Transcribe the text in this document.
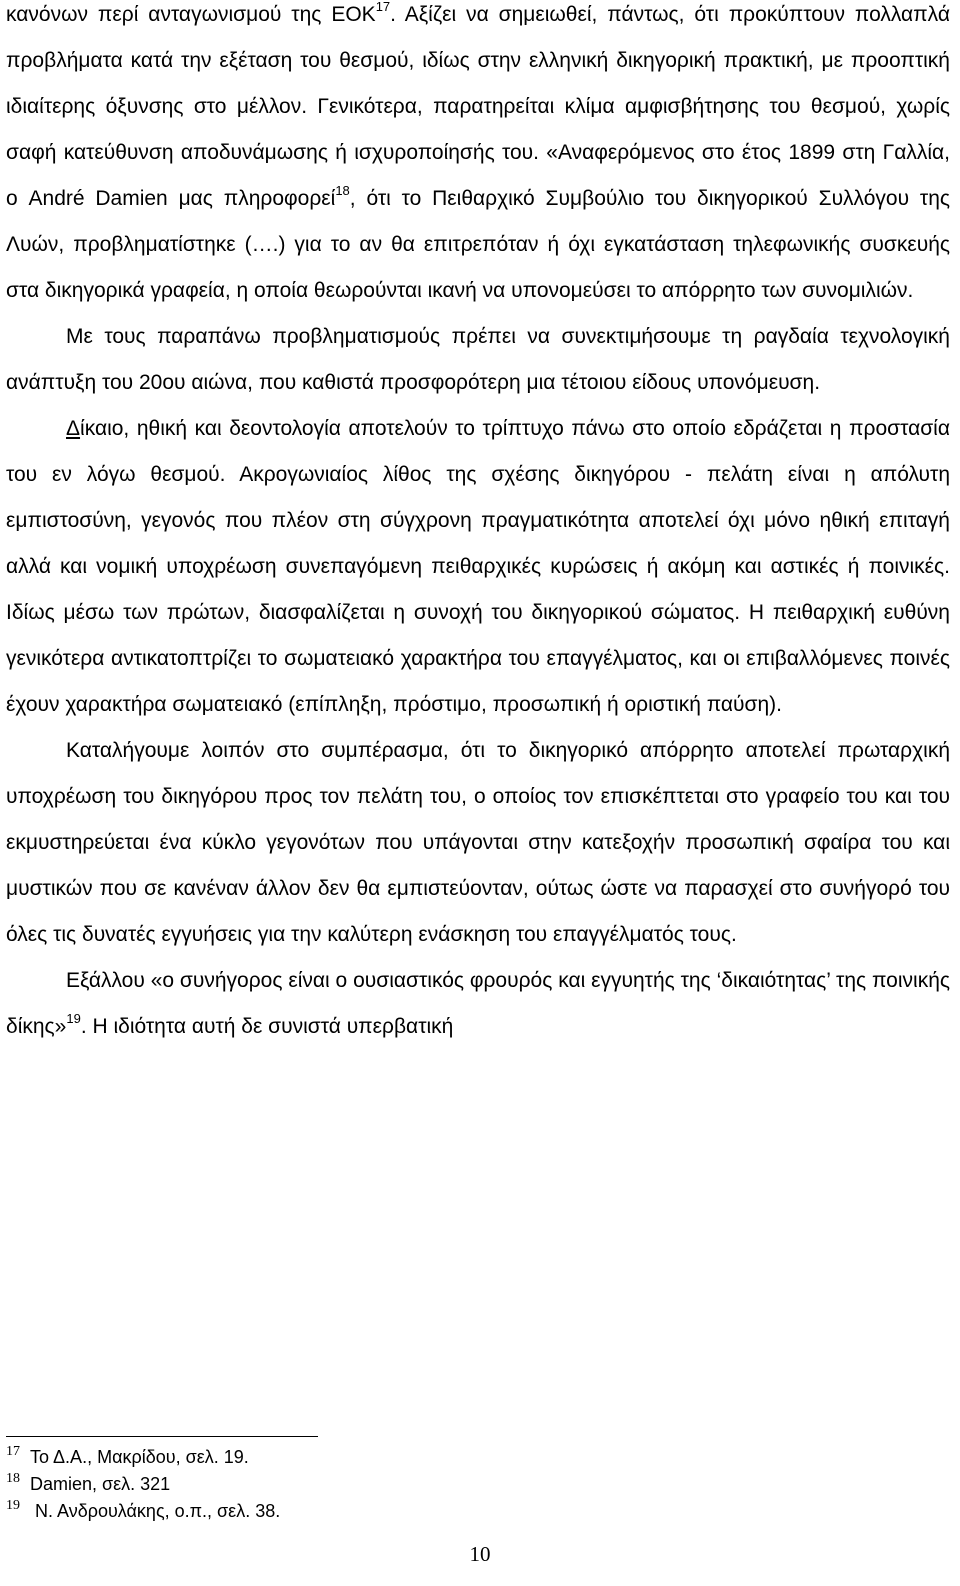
κανόνων περί ανταγωνισμού της ΕΟΚ$^{17}$. Αξίζει να σημειωθεί, πάντως, ότι προκύπτουν πολλαπλά προβλήματα κατά την εξέταση του θεσμού, ιδίως στην ελληνική δικηγορική πρακτική, με προοπτική ιδιαίτερης όξυνσης στο μέλλον. Γενικότερα, παρατηρείται κλίμα αμφισβήτησης του θεσμού, χωρίς σαφή κατεύθυνση αποδυνάμωσης ή ισχυροποίησής του. «Αναφερόμενος στο έτος 1899 στη Γαλλία, ο André Damien μας πληροφορεί$^{18}$, ότι το Πειθαρχικό Συμβούλιο του δικηγορικού Συλλόγου της Λυών, προβληματίστηκε (….) για το αν θα επιτρεπόταν ή όχι εγκατάσταση τηλεφωνικής συσκευής στα δικηγορικά γραφεία, η οποία θεωρούνται ικανή να υπονομεύσει το απόρρητο των συνομιλιών.

Με τους παραπάνω προβληματισμούς πρέπει να συνεκτιμήσουμε τη ραγδαία τεχνολογική ανάπτυξη του 20ου αιώνα, που καθιστά προσφορότερη μια τέτοιου είδους υπονόμευση.

Δίκαιο, ηθική και δεοντολογία αποτελούν το τρίπτυχο πάνω στο οποίο εδράζεται η προστασία του εν λόγω θεσμού. Ακρογωνιαίος λίθος της σχέσης δικηγόρου - πελάτη είναι η απόλυτη εμπιστοσύνη, γεγονός που πλέον στη σύγχρονη πραγματικότητα αποτελεί όχι μόνο ηθική επιταγή αλλά και νομική υποχρέωση συνεπαγόμενη πειθαρχικές κυρώσεις ή ακόμη και αστικές ή ποινικές. Ιδίως μέσω των πρώτων, διασφαλίζεται η συνοχή του δικηγορικού σώματος. Η πειθαρχική ευθύνη γενικότερα αντικατοπτρίζει το σωματειακό χαρακτήρα του επαγγέλματος, και οι επιβαλλόμενες ποινές έχουν χαρακτήρα σωματειακό (επίπληξη, πρόστιμο, προσωπική ή οριστική παύση).

Καταλήγουμε λοιπόν στο συμπέρασμα, ότι το δικηγορικό απόρρητο αποτελεί πρωταρχική υποχρέωση του δικηγόρου προς τον πελάτη του, ο οποίος τον επισκέπτεται στο γραφείο του και του εκμυστηρεύεται ένα κύκλο γεγονότων που υπάγονται στην κατεξοχήν προσωπική σφαίρα του και μυστικών που σε κανέναν άλλον δεν θα εμπιστεύονταν, ούτως ώστε να παρασχεί στο συνήγορό του όλες τις δυνατές εγγυήσεις για την καλύτερη ενάσκηση του επαγγέλματός τους.

Εξάλλου «ο συνήγορος είναι ο ουσιαστικός φρουρός και εγγυητής της ‘δικαιότητας’ της ποινικής δίκης»$^{19}$. Η ιδιότητα αυτή δε συνιστά υπερβατική

17 Το Δ.Α., Μακρίδου, σελ. 19.
18 Damien, σελ. 321
19 Ν. Ανδρουλάκης, ο.π., σελ. 38.
10
